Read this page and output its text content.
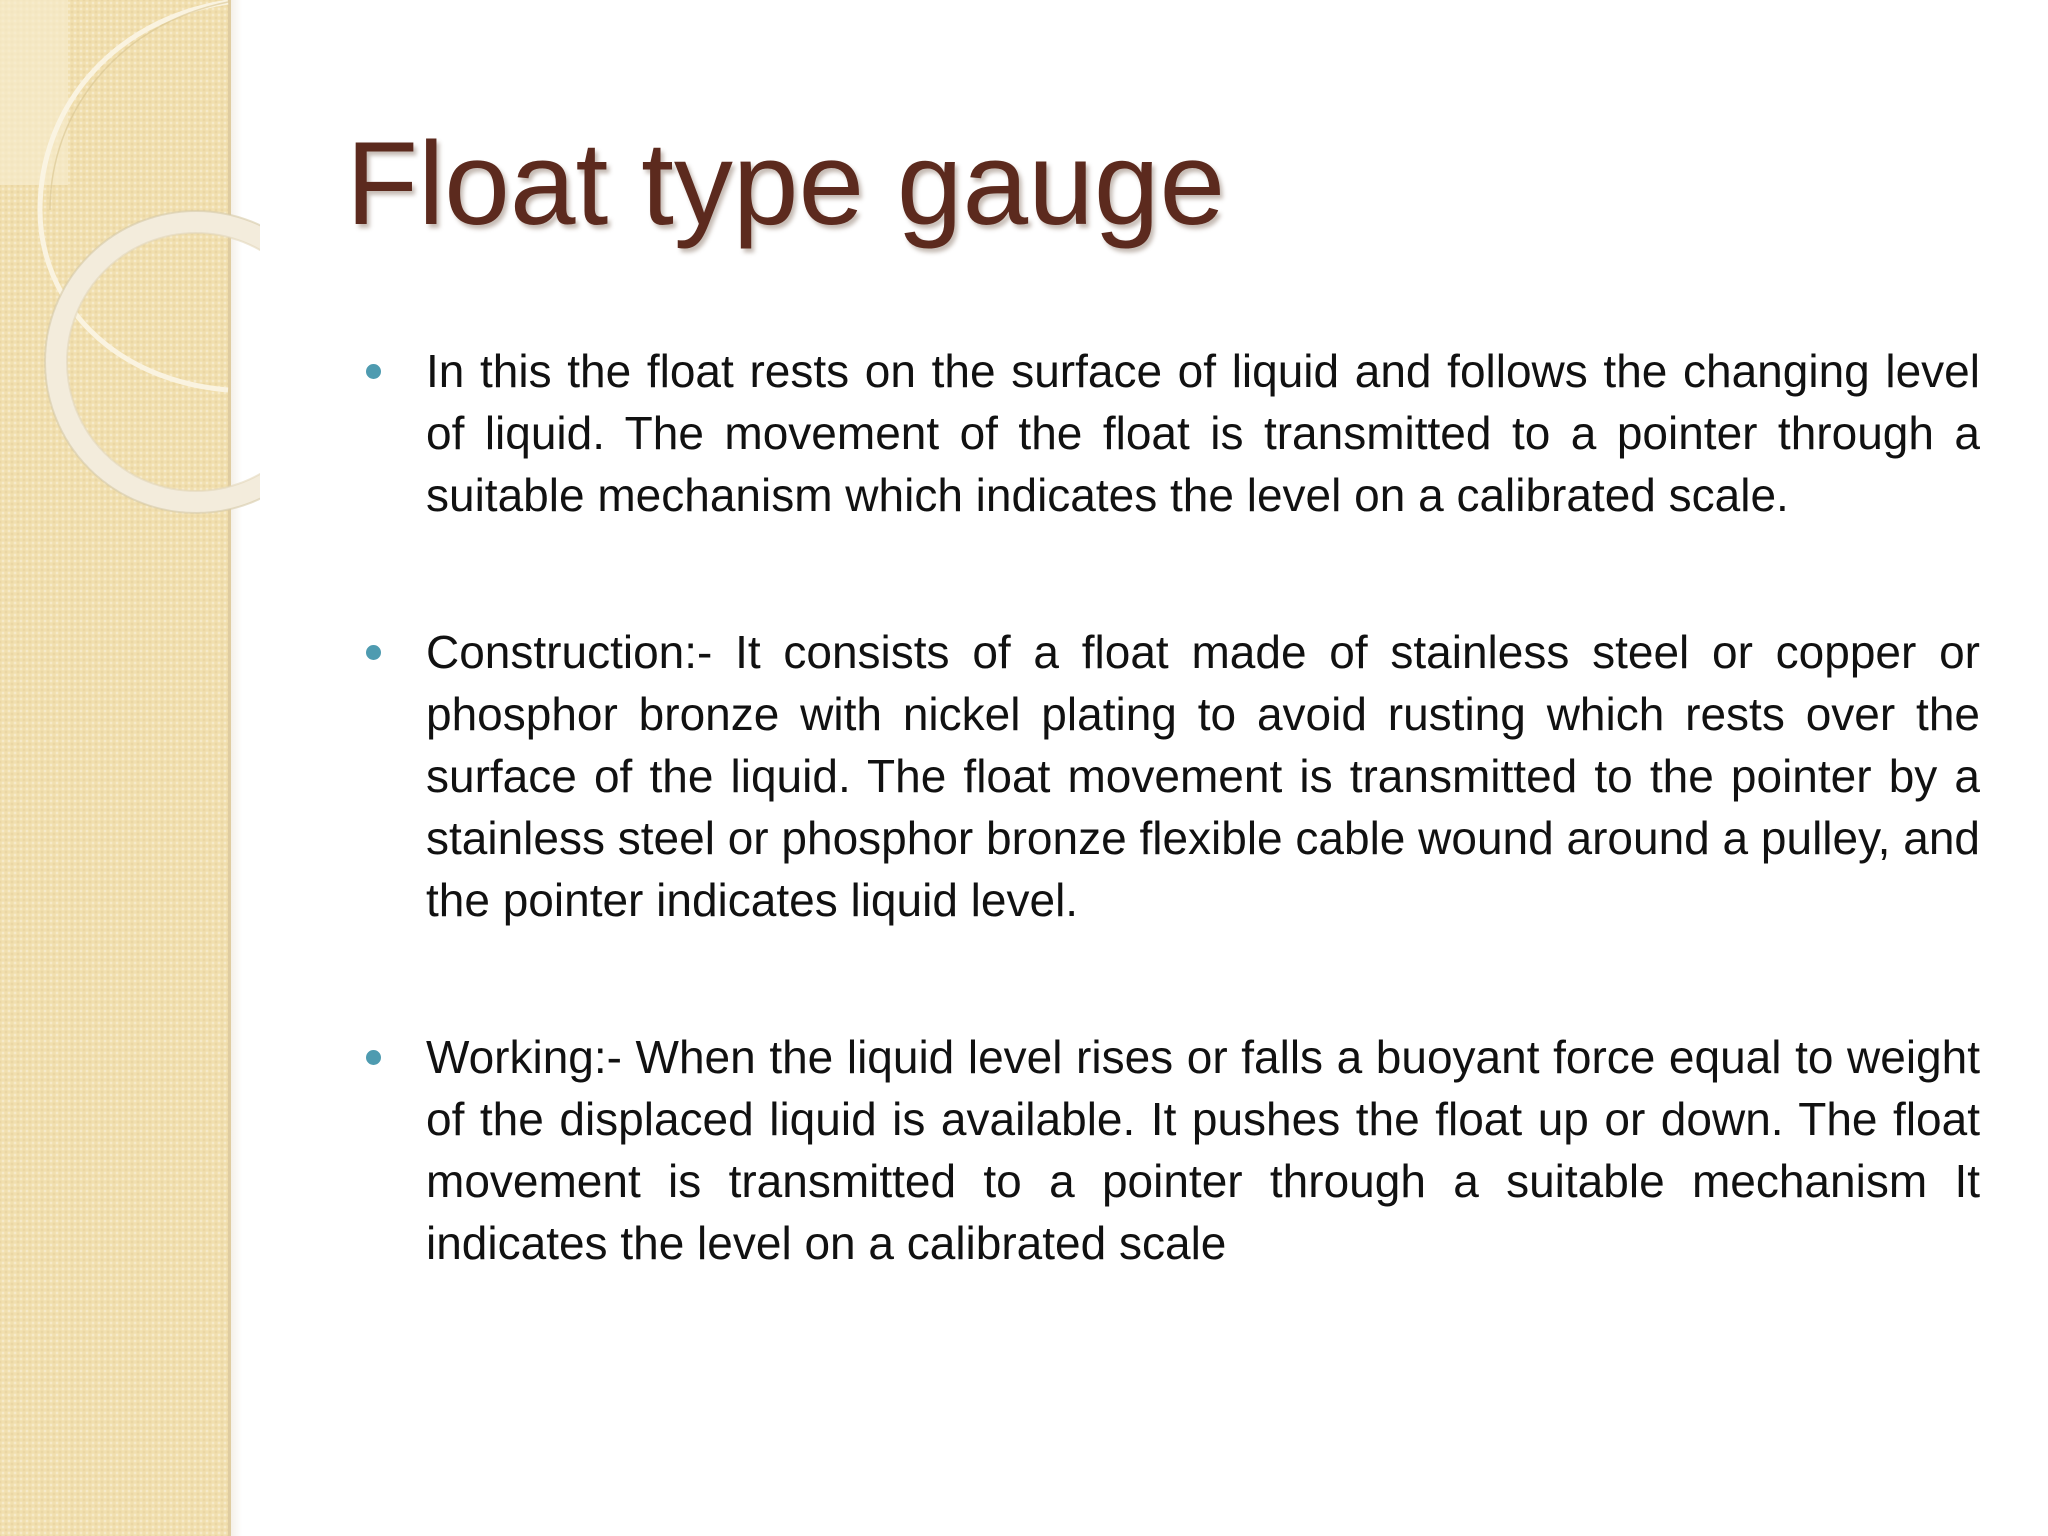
Float type gauge
In this the float rests on the surface of liquid and follows the changing level of liquid. The movement of the float is transmitted to a pointer through a suitable mechanism which indicates the level on a calibrated scale.
Construction:- It consists of a float made of stainless steel or copper or phosphor bronze with nickel plating to avoid rusting which rests over the surface of the liquid. The float movement is transmitted to the pointer by a stainless steel or phosphor bronze flexible cable wound around a pulley, and the pointer indicates liquid level.
Working:- When the liquid level rises or falls a buoyant force equal to weight of the displaced liquid is available. It pushes the float up or down. The float movement is transmitted to a pointer through a suitable mechanism It indicates the level on a calibrated scale
